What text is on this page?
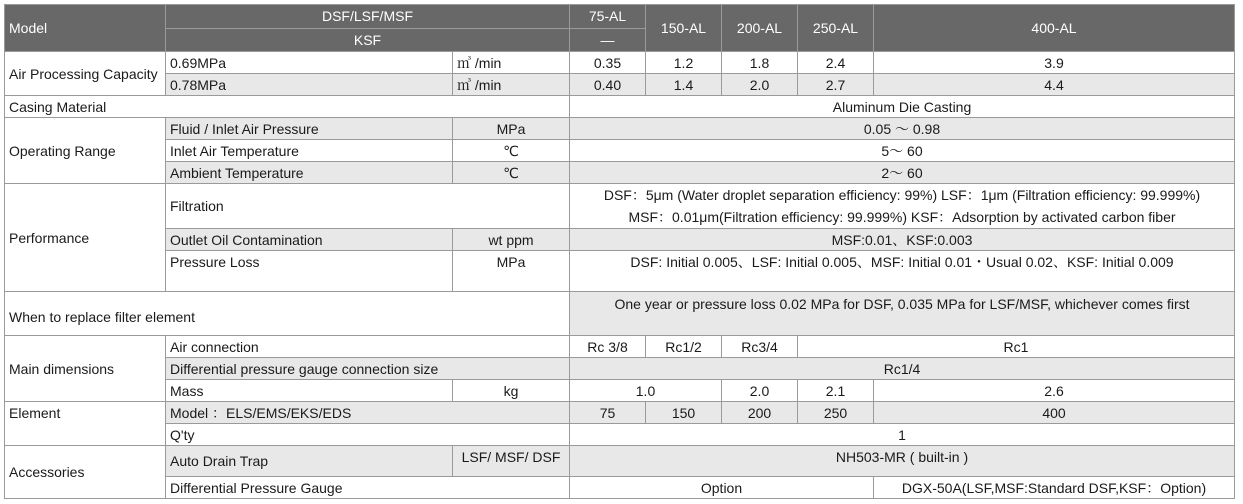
Model	DSF/LSF/MSF		75-AL	150-AL	200-AL	250-AL	400-AL
	KSF		—				
Air Processing Capacity	0.69MPa	㎥ /min	0.35	1.2	1.8	2.4	3.9
	0.78MPa	㎥ /min	0.40	1.4	2.0	2.7	4.4
Casing Material			Aluminum Die Casting				
Operating Range	Fluid / Inlet Air Pressure	MPa	0.05 ～ 0.98				
	Inlet Air Temperature	℃	5～ 60				
	Ambient Temperature	℃	2～ 60				
Performance	Filtration		DSF：5μm (Water droplet separation efficiency: 99%) LSF：1μm (Filtration efficiency: 99.999%)
MSF：0.01μm(Filtration efficiency: 99.999%) KSF：Adsorption by activated carbon fiber				

	Outlet Oil Contamination	wt ppm	MSF:0.01、KSF:0.003				
	Pressure Loss	MPa	DSF: Initial 0.005、LSF: Initial 0.005、MSF: Initial 0.01・Usual 0.02、KSF: Initial 0.009				
When to replace filter element			One year or pressure loss 0.02 MPa for DSF, 0.035 MPa for LSF/MSF, whichever comes first				
Main dimensions	Air connection		Rc 3/8	Rc1/2	Rc3/4	Rc1	
	Differential pressure gauge connection size		Rc1/4				
	Mass	kg	1.0		2.0	2.1	2.6
Element	Model ：ELS/EMS/EKS/EDS		75	150	200	250	400
	Q'ty		1				
Accessories	Auto Drain Trap	LSF/ MSF/ DSF	NH503-MR ( built-in )				
	Differential Pressure Gauge		Option				DGX-50A(LSF,MSF:Standard DSF,KSF：Option)
